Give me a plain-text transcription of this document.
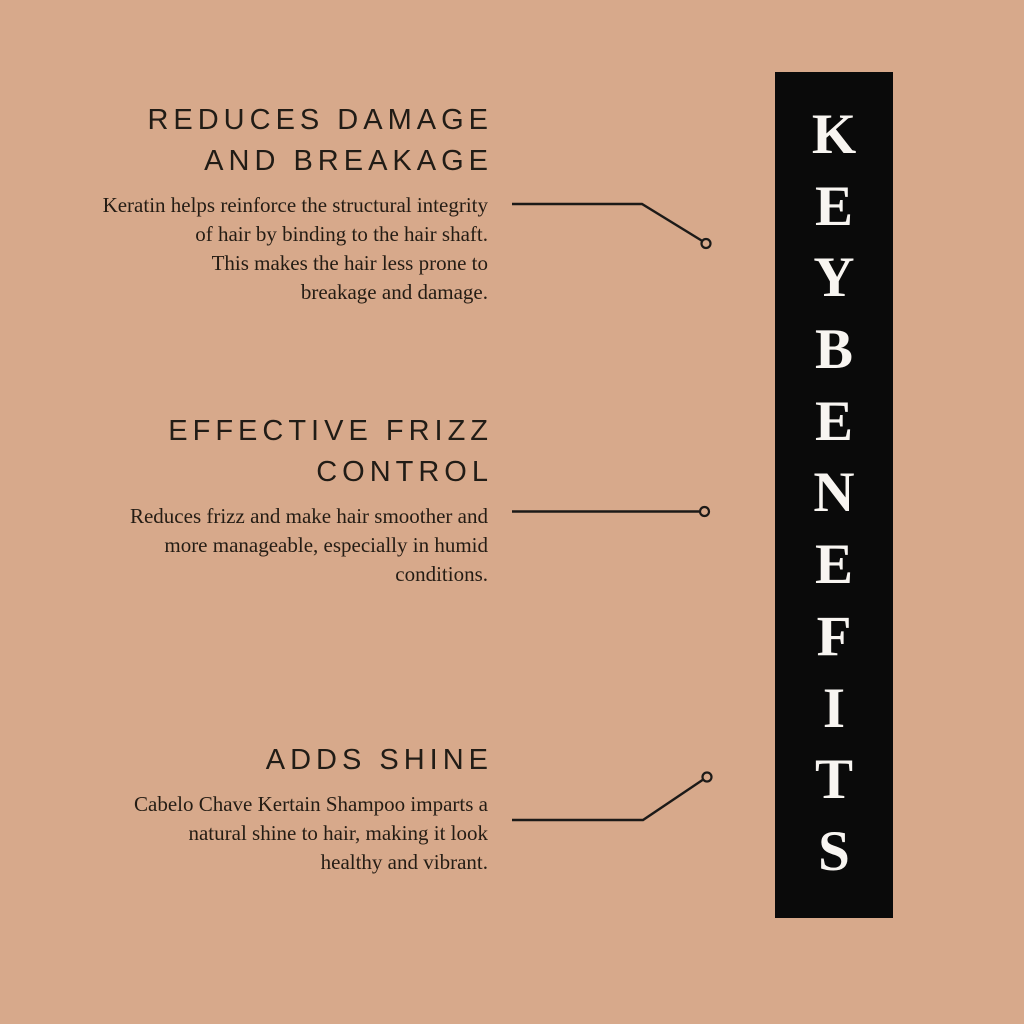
REDUCES DAMAGE
AND BREAKAGE
Keratin helps reinforce the structural integrity
of hair by binding to the hair shaft.
This makes the hair less prone to
breakage and damage.
EFFECTIVE FRIZZ
CONTROL
Reduces frizz and make hair smoother and
more manageable, especially in humid
conditions.
ADDS SHINE
Cabelo Chave Kertain Shampoo imparts a
natural shine to hair, making it look
healthy and vibrant.
K
E
Y
B
E
N
E
F
I
T
S
